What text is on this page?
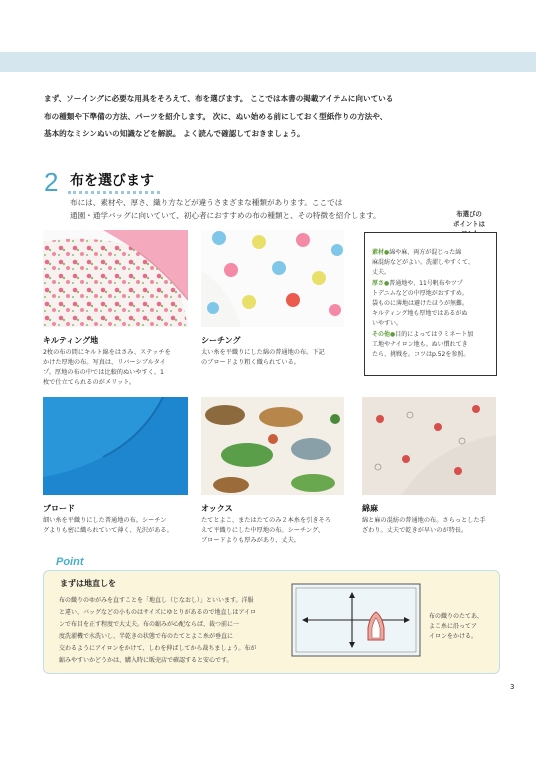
まず、ソーイングに必要な用具をそろえて、布を選びます。 ここでは本書の掲載アイテムに向いている

布の種類や下準備の方法、パーツを紹介します。 次に、ぬい始める前にしておく型紙作りの方法や、

基本的なミシンぬいの知識などを解説。 よく読んで確認しておきましょう。

2 布を選びます

布には、素材や、厚さ、織り方などが違うさまざまな種類があります。ここでは

通園・通学バッグに向いていて、初心者におすすめの布の種類と、その特徴を紹介します。

キルティング地

2枚の布の間にキルト綿をはさみ、ステッチを

かけた厚地の布。写真は、リバーシブルタイ

プ。厚地の布の中では比較的ぬいやすく、1

枚で仕立てられるのがメリット。

シーチング

太い糸を平織りにした綿の普通地の布。下記

のブロードより粗く織られている。

布選びの

ポイントは

素材●綿や麻、両方が混じった綿
麻混紡などがよい。洗濯しやすくて、
丈夫。
厚さ●普通地や、11号帆布やツプ
トデニムなどの中厚地がおすすめ。
袋ものに薄地は避けたほうが無難。
キルティング地も厚地ではあるがぬ
いやすい。
その他●目的によってはラミネート加
工地やナイロン地も。ぬい慣れてき
たら、挑戦を。コツはp.52を参照。
ブロード

細い糸を平織りにした普通地の布。シーチン

グよりも密に織られていて薄く、光沢がある。

オックス

たてとよこ、またはたてのみ２本糸を引きそろ

えて平織りにした中厚地の布。シーチング、

ブロードよりも厚みがあり、丈夫。

綿麻

綿と麻の混紡の普通地の布。さらっとした手

ざわり。丈夫で乾きが早いのが特長。

Point
まずは地直しを

布の織りのゆがみを直すことを「地直し（じなおし）」といいます。洋服

と違い、バッグなどの小ものはサイズにゆとりがあるので地直しはアイロ

ンで布目を正す程度で大丈夫。布の縮みが心配ならば、裁つ前に一

度洗濯機で水洗いし、半乾きの状態で布のたてとよこ糸が垂直に

交わるようにアイロンをかけて、しわを伸ばしてから裁ちましょう。布が

縮みやすいかどうかは、購入時に販売店で確認すると安心です。

布の織りのたてあ、

よこ糸に沿ってア

イロンをかける。

3
